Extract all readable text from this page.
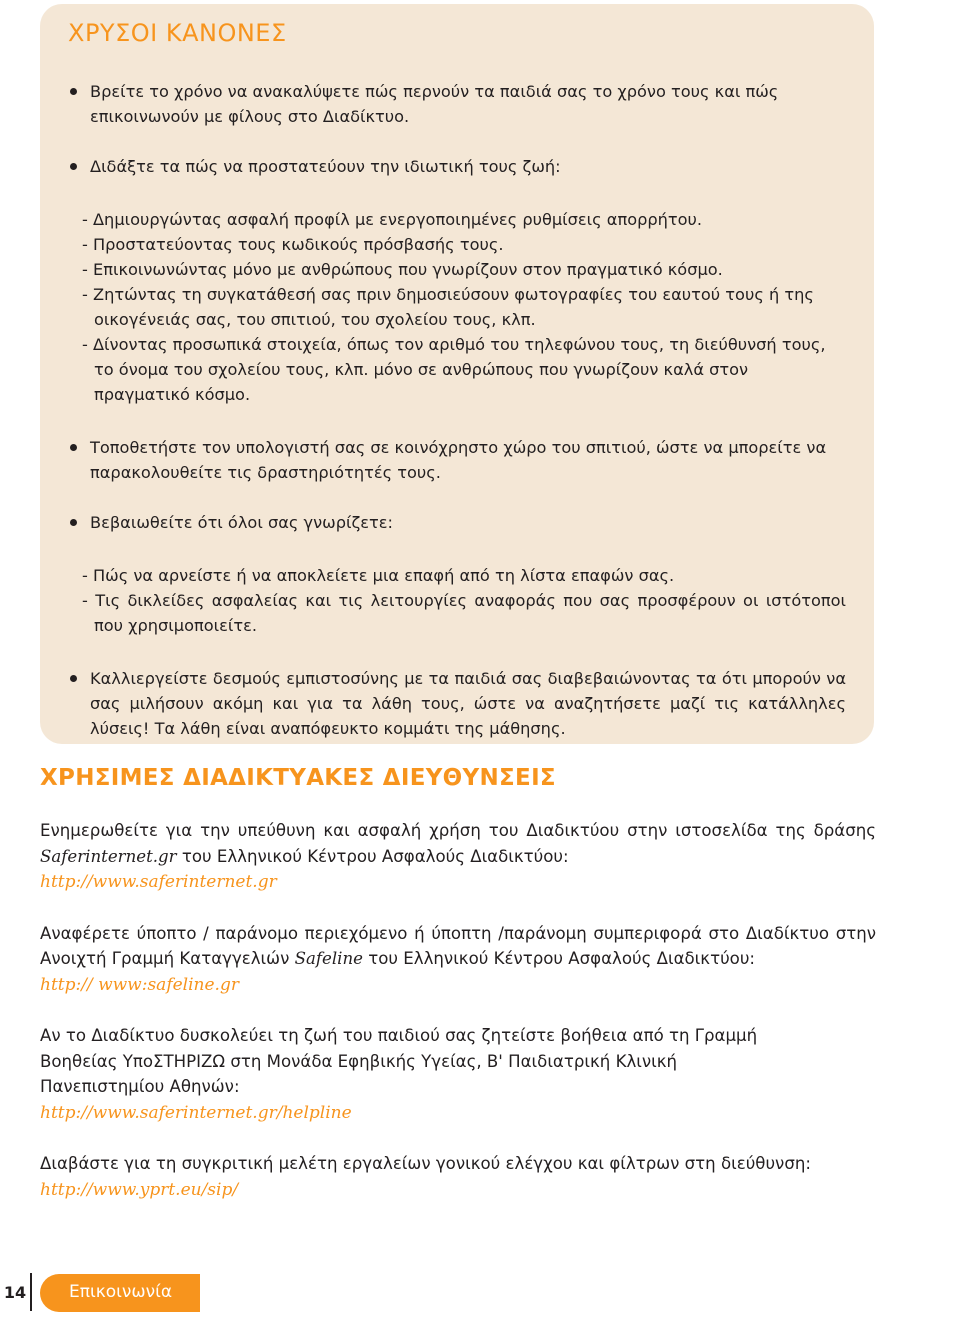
ΧΡΥΣΟΙ ΚΑΝΟΝΕΣ
Βρείτε το χρόνο να ανακαλύψετε πώς περνούν τα παιδιά σας το χρόνο τους και πώς επικοινωνούν με φίλους στο Διαδίκτυο.
Διδάξτε τα πώς να προστατεύουν την ιδιωτική τους ζωή:
- Δημιουργώντας ασφαλή προφίλ με ενεργοποιημένες ρυθμίσεις απορρήτου.
- Προστατεύοντας τους κωδικούς πρόσβασής τους.
- Επικοινωνώντας μόνο με ανθρώπους που γνωρίζουν στον πραγματικό κόσμο.
- Ζητώντας τη συγκατάθεσή σας πριν δημοσιεύσουν φωτογραφίες του εαυτού τους ή της οικογένειάς σας, του σπιτιού, του σχολείου τους, κλπ.
- Δίνοντας προσωπικά στοιχεία, όπως τον αριθμό του τηλεφώνου τους, τη διεύθυνσή τους, το όνομα του σχολείου τους, κλπ. μόνο σε ανθρώπους που γνωρίζουν καλά στον πραγματικό κόσμο.
Τοποθετήστε τον υπολογιστή σας σε κοινόχρηστο χώρο του σπιτιού, ώστε να μπορείτε να παρακολουθείτε τις δραστηριότητές τους.
Βεβαιωθείτε ότι όλοι σας γνωρίζετε:
- Πώς να αρνείστε ή να αποκλείετε μια επαφή από τη λίστα επαφών σας.
- Τις δικλείδες ασφαλείας και τις λειτουργίες αναφοράς που σας προσφέρουν οι ιστότοποι που χρησιμοποιείτε.
Καλλιεργείστε δεσμούς εμπιστοσύνης με τα παιδιά σας διαβεβαιώνοντας τα ότι μπορούν να σας μιλήσουν ακόμη και για τα λάθη τους, ώστε να αναζητήσετε μαζί τις κατάλληλες λύσεις! Τα λάθη είναι αναπόφευκτο κομμάτι της μάθησης.
ΧΡΗΣΙΜΕΣ ΔΙΑΔΙΚΤΥΑΚΕΣ ΔΙΕΥΘΥΝΣΕΙΣ
Ενημερωθείτε για την υπεύθυνη και ασφαλή χρήση του Διαδικτύου στην ιστοσελίδα της δράσης Saferinternet.gr του Ελληνικού Κέντρου Ασφαλούς Διαδικτύου:
http://www.saferinternet.gr
Αναφέρετε ύποπτο / παράνομο περιεχόμενο ή ύποπτη /παράνομη συμπεριφορά στο Διαδίκτυο στην Ανοιχτή Γραμμή Καταγγελιών Safeline του Ελληνικού Κέντρου Ασφαλούς Διαδικτύου:
http:// www:safeline.gr
Αν το Διαδίκτυο δυσκολεύει τη ζωή του παιδιού σας ζητείστε βοήθεια από τη Γραμμή
Βοηθείας ΥποΣΤΗΡΙΖΩ στη Μονάδα Εφηβικής Υγείας, Β' Παιδιατρική Κλινική
Πανεπιστημίου Αθηνών:
http://www.saferinternet.gr/helpline
Διαβάστε για τη συγκριτική μελέτη εργαλείων γονικού ελέγχου και φίλτρων στη διεύθυνση:
http://www.yprt.eu/sip/
14	Επικοινωνία
